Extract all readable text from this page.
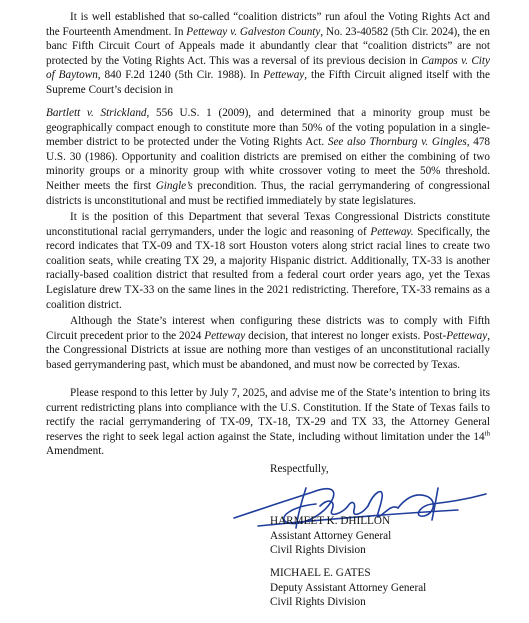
It is well established that so-called “coalition districts” run afoul the Voting Rights Act and the Fourteenth Amendment. In Petteway v. Galveston County, No. 23-40582 (5th Cir. 2024), the en banc Fifth Circuit Court of Appeals made it abundantly clear that “coalition districts” are not protected by the Voting Rights Act. This was a reversal of its previous decision in Campos v. City of Baytown, 840 F.2d 1240 (5th Cir. 1988). In Petteway, the Fifth Circuit aligned itself with the Supreme Court’s decision in

Bartlett v. Strickland, 556 U.S. 1 (2009), and determined that a minority group must be geographically compact enough to constitute more than 50% of the voting population in a single-member district to be protected under the Voting Rights Act. See also Thornburg v. Gingles, 478 U.S. 30 (1986). Opportunity and coalition districts are premised on either the combining of two minority groups or a minority group with white crossover voting to meet the 50% threshold. Neither meets the first Gingle’s precondition. Thus, the racial gerrymandering of congressional districts is unconstitutional and must be rectified immediately by state legislatures.

It is the position of this Department that several Texas Congressional Districts constitute unconstitutional racial gerrymanders, under the logic and reasoning of Petteway. Specifically, the record indicates that TX-09 and TX-18 sort Houston voters along strict racial lines to create two coalition seats, while creating TX 29, a majority Hispanic district. Additionally, TX-33 is another racially-based coalition district that resulted from a federal court order years ago, yet the Texas Legislature drew TX-33 on the same lines in the 2021 redistricting. Therefore, TX-33 remains as a coalition district.

Although the State’s interest when configuring these districts was to comply with Fifth Circuit precedent prior to the 2024 Petteway decision, that interest no longer exists. Post-Petteway, the Congressional Districts at issue are nothing more than vestiges of an unconstitutional racially based gerrymandering past, which must be abandoned, and must now be corrected by Texas.

Please respond to this letter by July 7, 2025, and advise me of the State’s intention to bring its current redistricting plans into compliance with the U.S. Constitution. If the State of Texas fails to rectify the racial gerrymandering of TX-09, TX-18, TX-29 and TX 33, the Attorney General reserves the right to seek legal action against the State, including without limitation under the 14th Amendment.

Respectfully,
HARMEET K. DHILLON
Assistant Attorney General
Civil Rights Division
MICHAEL E. GATES
Deputy Assistant Attorney General
Civil Rights Division
